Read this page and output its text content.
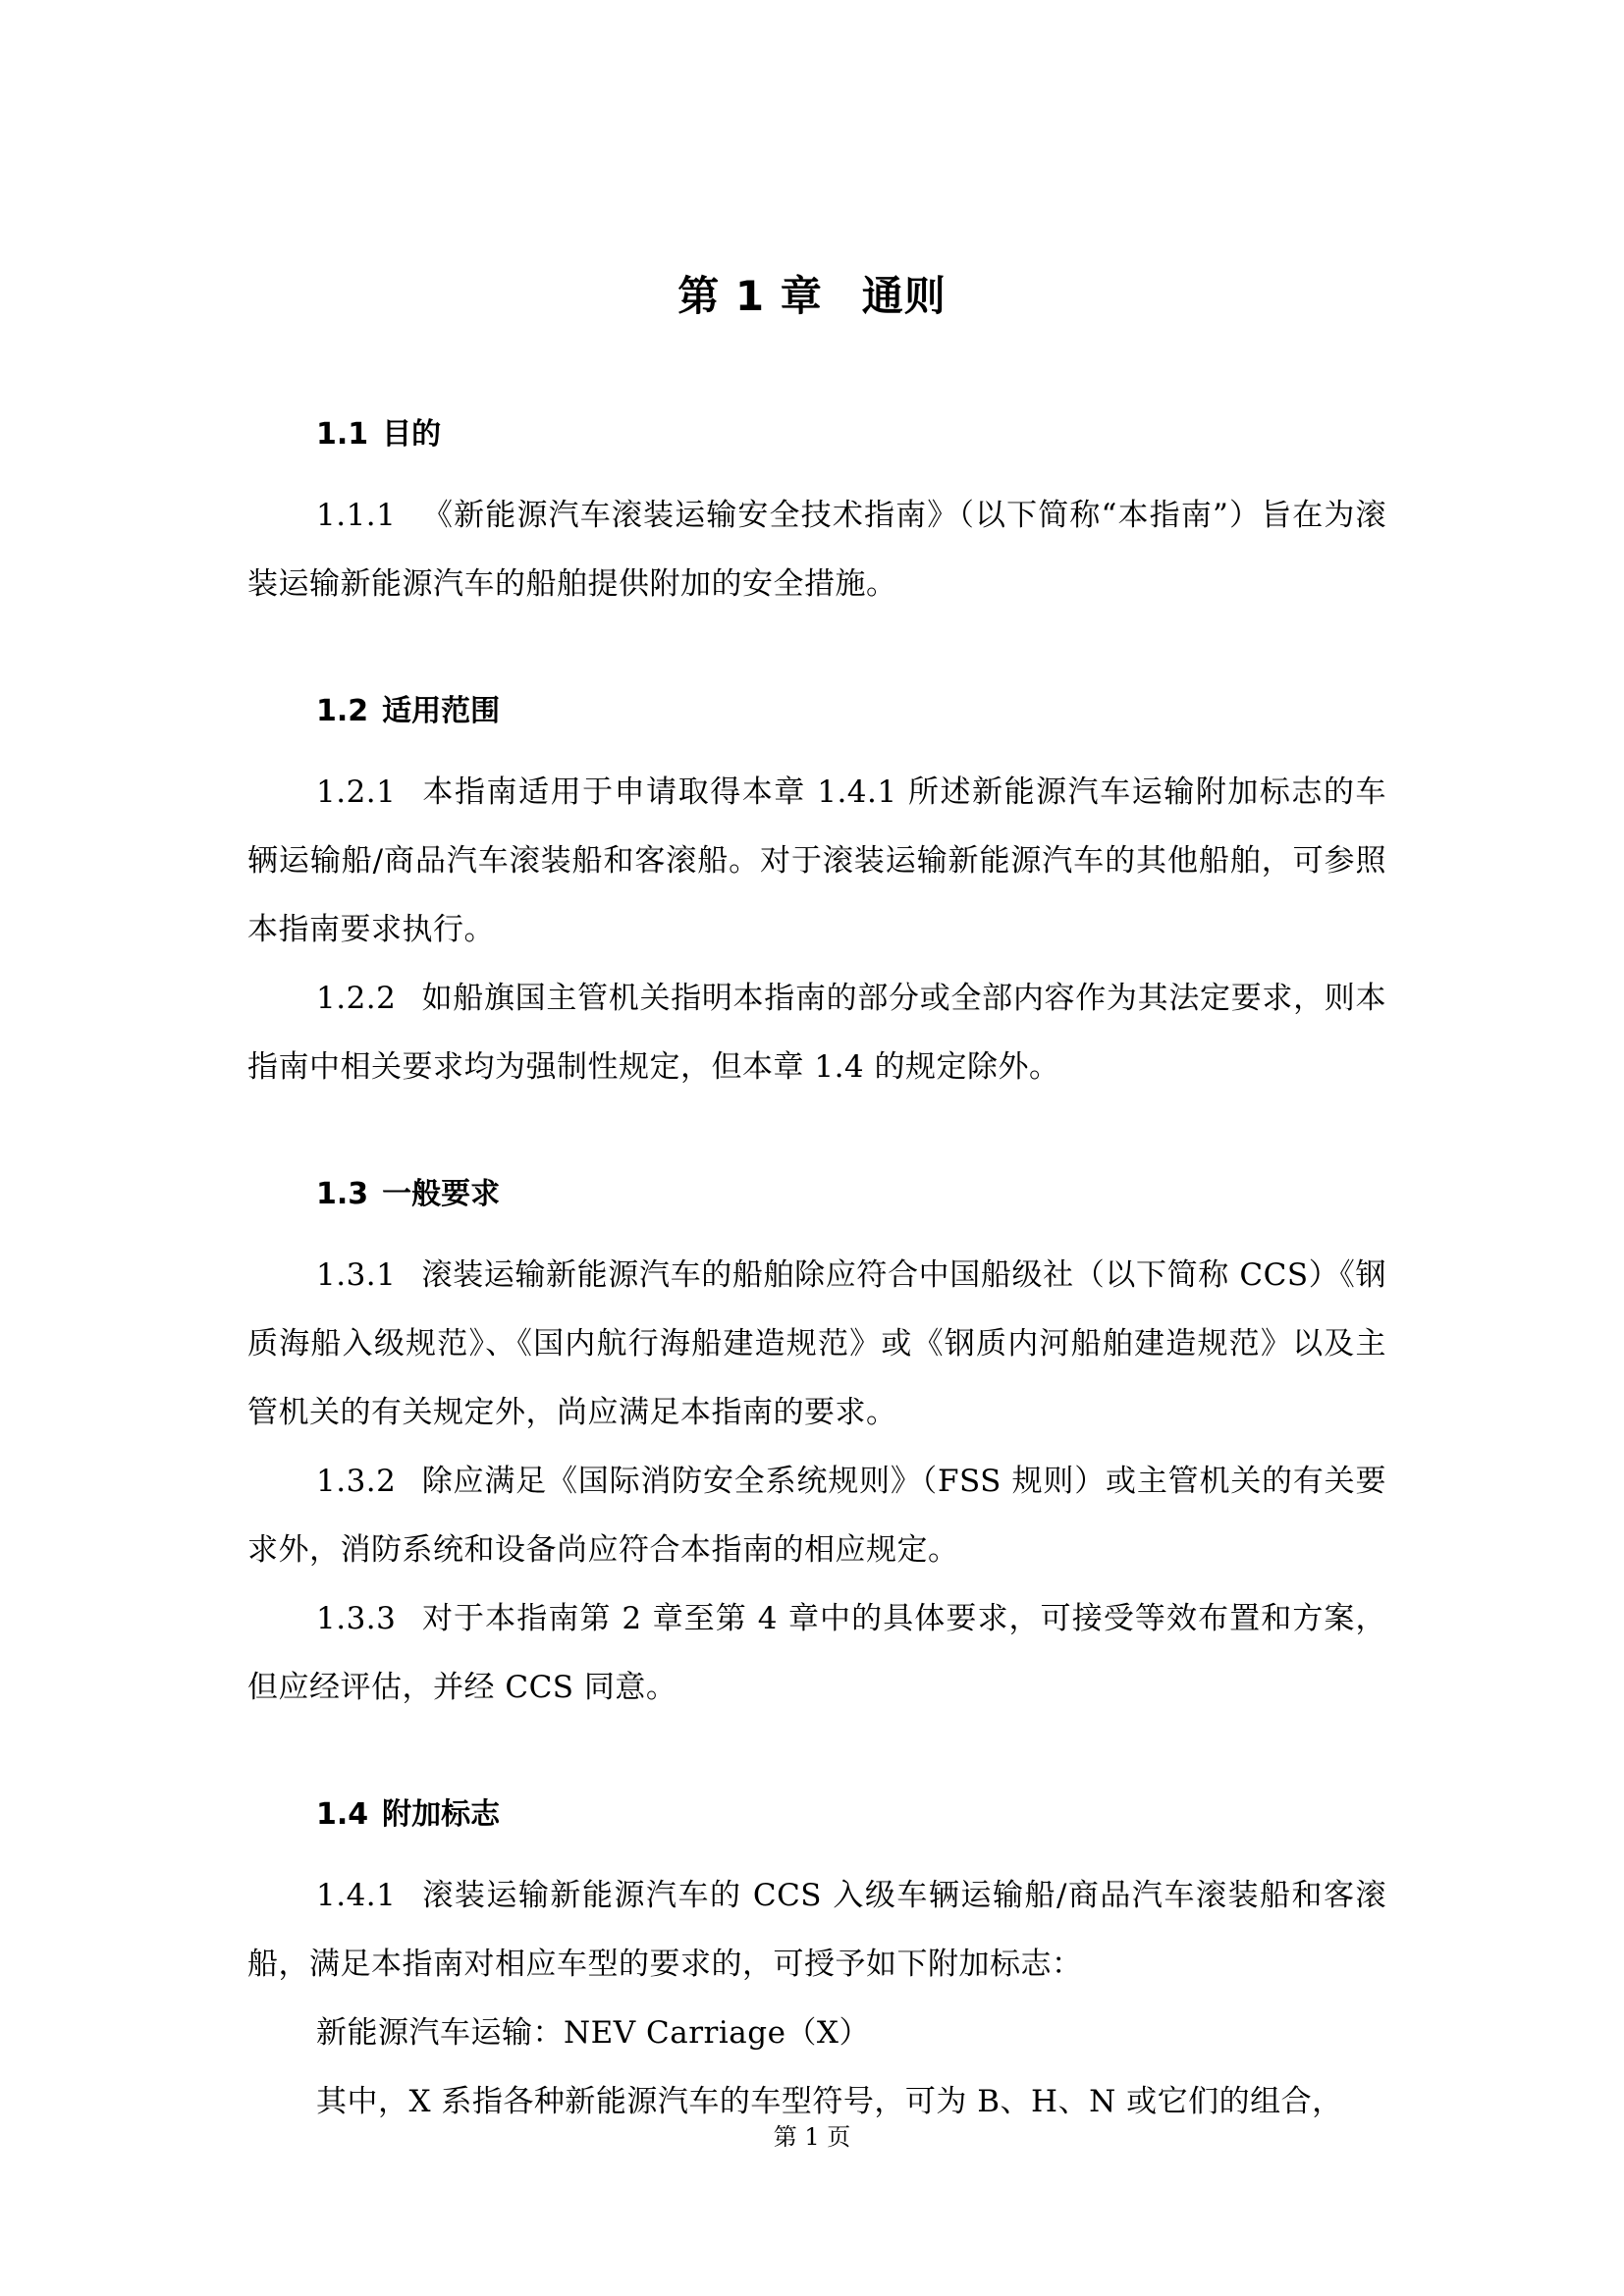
第 1 章 通则
1.1 目的

1.1.1 《新能源汽车滚装运输安全技术指南》（以下简称“本指南”）旨在为滚装运输新能源汽车的船舶提供附加的安全措施。

1.2 适用范围

1.2.1 本指南适用于申请取得本章 1.4.1 所述新能源汽车运输附加标志的车辆运输船/商品汽车滚装船和客滚船。对于滚装运输新能源汽车的其他船舶，可参照本指南要求执行。

1.2.2 如船旗国主管机关指明本指南的部分或全部内容作为其法定要求，则本指南中相关要求均为强制性规定，但本章 1.4 的规定除外。

1.3 一般要求

1.3.1 滚装运输新能源汽车的船舶除应符合中国船级社（以下简称 CCS）《钢质海船入级规范》、《国内航行海船建造规范》或《钢质内河船舶建造规范》以及主管机关的有关规定外，尚应满足本指南的要求。

1.3.2 除应满足《国际消防安全系统规则》（FSS 规则）或主管机关的有关要求外，消防系统和设备尚应符合本指南的相应规定。

1.3.3 对于本指南第 2 章至第 4 章中的具体要求，可接受等效布置和方案，但应经评估，并经 CCS 同意。

1.4 附加标志

1.4.1 滚装运输新能源汽车的 CCS 入级车辆运输船/商品汽车滚装船和客滚船，满足本指南对相应车型的要求的，可授予如下附加标志：

新能源汽车运输：NEV Carriage（X）

其中，X 系指各种新能源汽车的车型符号，可为 B、H、N 或它们的组合，

第 1 页
